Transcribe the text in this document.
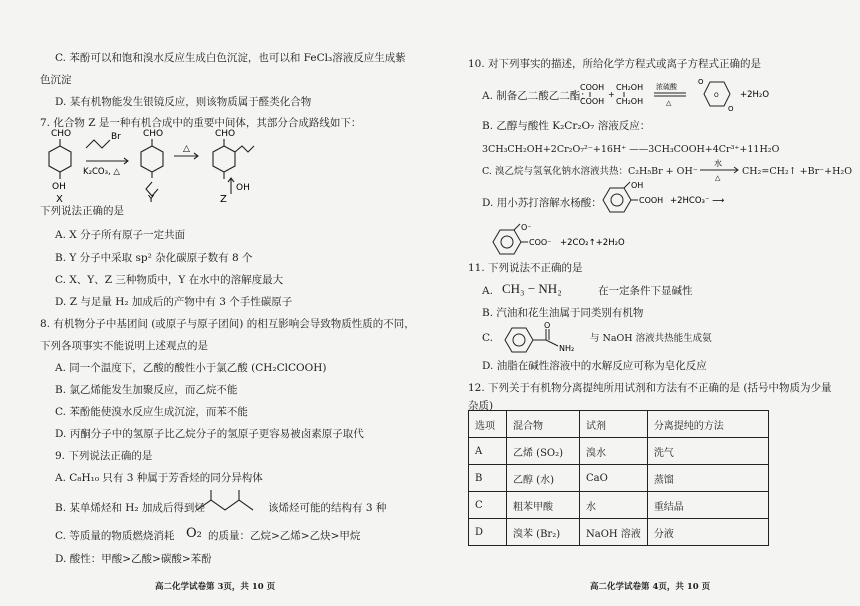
C. 苯酚可以和饱和溴水反应生成白色沉淀，也可以和 FeCl₃溶液反应生成紫
色沉淀
D. 某有机物能发生银镜反应，则该物质属于醛类化合物
7. 化合物 Z 是一种有机合成中的重要中间体，其部分合成路线如下：
CHO
OH
Br
K₂CO₃, △
CHO
△
CHO
OH
X	Y	Z
下列说法正确的是
A. X 分子所有原子一定共面
B. Y 分子中采取 sp² 杂化碳原子数有 8 个
C. X、Y、Z 三种物质中，Y 在水中的溶解度最大
D. Z 与足量 H₂ 加成后的产物中有 3 个手性碳原子
8. 有机物分子中基团间 (或原子与原子团间) 的相互影响会导致物质性质的不同，
下列各项事实不能说明上述观点的是
A. 同一个温度下，乙酸的酸性小于氯乙酸 (CH₂ClCOOH)
B. 氯乙烯能发生加聚反应，而乙烷不能
C. 苯酚能使溴水反应生成沉淀，而苯不能
D. 丙酮分子中的氢原子比乙烷分子的氢原子更容易被卤素原子取代
9. 下列说法正确的是
A. C₈H₁₀ 只有 3 种属于芳香烃的同分异构体
B. 某单烯烃和 H₂ 加成后得到烃	该烯烃可能的结构有 3 种
C. 等质量的物质燃烧消耗 O₂ 的质量：乙烷>乙烯>乙炔>甲烷
D. 酸性：甲酸>乙酸>碳酸>苯酚
高二化学试卷第 3页，共 10 页
10. 对下列事实的描述，所给化学方程式或离子方程式正确的是
A. 制备乙二酸乙二酯：
COOH
COOH
+
CH₂OH
CH₂OH
浓硫酸
△
O
O
O	+2H₂O
B. 乙醇与酸性 K₂Cr₂O₇ 溶液反应：
3CH₃CH₂OH+2Cr₂O₇²⁻+16H⁺ ——3CH₃COOH+4Cr³⁺+11H₂O
C. 溴乙烷与氢氧化钠水溶液共热：C₂H₅Br + OH⁻
水
△
CH₂=CH₂↑ +Br⁻+H₂O
D. 用小苏打溶解水杨酸：
OH
COOH +2HCO₃⁻ ⟶
O⁻
COO⁻ +2CO₂↑+2H₂O
11. 下列说法不正确的是
A. CH₃ − NH₂	在一定条件下显碱性
B. 汽油和花生油属于同类别有机物
C.
O
NH₂
与 NaOH 溶液共热能生成氨
D. 油脂在碱性溶液中的水解反应可称为皂化反应
12. 下列关于有机物分离提纯所用试剂和方法有不正确的是 (括号中物质为少量
杂质)
选项	混合物	试剂	分离提纯的方法
A	乙烯 (SO₂)	溴水	洗气
B	乙醇 (水)	CaO	蒸馏
C	粗苯甲酸	水	重结晶
D	溴苯 (Br₂)	NaOH 溶液	分液
高二化学试卷第 4页，共 10 页
